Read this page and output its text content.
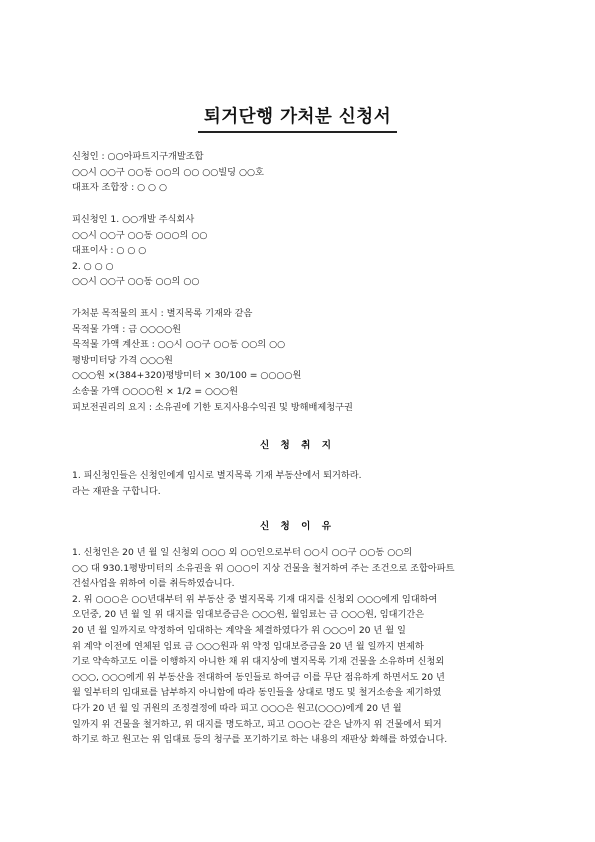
퇴거단행 가처분 신청서
신청인 : ○○아파트지구개발조합
○○시 ○○구 ○○동 ○○의 ○○ ○○빌딩 ○○호
대표자 조합장 : ○ ○ ○
피신청인 1. ○○개발 주식회사
○○시 ○○구 ○○동 ○○○의 ○○
대표이사 : ○ ○ ○
2. ○ ○ ○
○○시 ○○구 ○○동 ○○의 ○○
가처분 목적물의 표시 : 별지목록 기재와 같음
목적물 가액 : 금 ○○○○원
목적물 가액 계산표 : ○○시 ○○구 ○○동 ○○의 ○○
평방미터당 가격 ○○○원
○○○원 ×(384+320)평방미터 × 30/100 = ○○○○원
소송물 가액 ○○○○원 × 1/2 = ○○○원
피보전권리의 요지 : 소유권에 기한 토지사용수익권 및 방해배제청구권
신 청 취 지
1. 피신청인들은 신청인에게 임시로 별지목록 기재 부동산에서 퇴거하라.
라는 재판을 구합니다.
신 청 이 유
1. 신청인은 20 년 월 일 신청외 ○○○ 외 ○○인으로부터 ○○시 ○○구 ○○동 ○○의
○○ 대 930.1평방미터의 소유권을 위 ○○○이 지상 건물을 철거하여 주는 조건으로 조합아파트
건설사업을 위하여 이를 취득하였습니다.
2. 위 ○○○은 ○○년대부터 위 부동산 중 별지목록 기재 대지를 신청외 ○○○에게 임대하여
오던중, 20 년 월 일 위 대지를 임대보증금은 ○○○원, 월임료는 금 ○○○원, 임대기간은
20 년 월 일까지로 약정하여 임대하는 계약을 체결하였다가 위 ○○○이 20 년 월 일
위 계약 이전에 연체된 임료 금 ○○○원과 위 약정 임대보증금을 20 년 월 일까지 변제하
기로 약속하고도 이를 이행하지 아니한 채 위 대지상에 별지목록 기재 건물을 소유하며 신청외
○○○, ○○○에게 위 부동산을 전대하여 동인들로 하여금 이를 무단 점유하게 하면서도 20 년
월 일부터의 임대료를 납부하지 아니함에 따라 동인들을 상대로 명도 및 철거소송을 제기하였
다가 20 년 월 일 귀원의 조정결정에 따라 피고 ○○○은 원고(○○○)에게 20 년 월
일까지 위 건물을 철거하고, 위 대지를 명도하고, 피고 ○○○는 같은 날까지 위 건물에서 퇴거
하기로 하고 원고는 위 임대료 등의 청구를 포기하기로 하는 내용의 재판상 화해를 하였습니다.
